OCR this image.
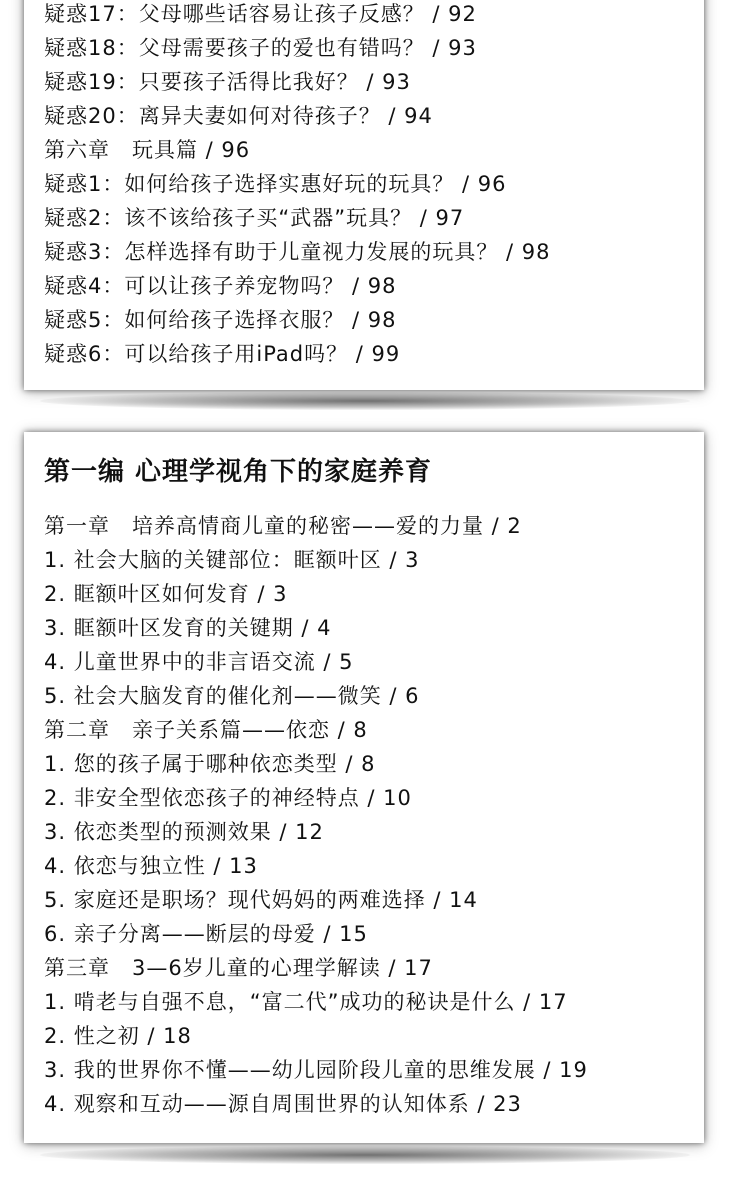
疑惑17：父母哪些话容易让孩子反感？ / 92
疑惑18：父母需要孩子的爱也有错吗？ / 93
疑惑19：只要孩子活得比我好？ / 93
疑惑20：离异夫妻如何对待孩子？ / 94
第六章　玩具篇 / 96
疑惑1：如何给孩子选择实惠好玩的玩具？ / 96
疑惑2：该不该给孩子买“武器”玩具？ / 97
疑惑3：怎样选择有助于儿童视力发展的玩具？ / 98
疑惑4：可以让孩子养宠物吗？ / 98
疑惑5：如何给孩子选择衣服？ / 98
疑惑6：可以给孩子用iPad吗？ / 99
第一编 心理学视角下的家庭养育
第一章　培养高情商儿童的秘密——爱的力量 / 2
1. 社会大脑的关键部位：眶额叶区 / 3
2. 眶额叶区如何发育 / 3
3. 眶额叶区发育的关键期 / 4
4. 儿童世界中的非言语交流 / 5
5. 社会大脑发育的催化剂——微笑 / 6
第二章　亲子关系篇——依恋 / 8
1. 您的孩子属于哪种依恋类型 / 8
2. 非安全型依恋孩子的神经特点 / 10
3. 依恋类型的预测效果 / 12
4. 依恋与独立性 / 13
5. 家庭还是职场？现代妈妈的两难选择 / 14
6. 亲子分离——断层的母爱 / 15
第三章　3—6岁儿童的心理学解读 / 17
1. 啃老与自强不息，“富二代”成功的秘诀是什么 / 17
2. 性之初 / 18
3. 我的世界你不懂——幼儿园阶段儿童的思维发展 / 19
4. 观察和互动——源自周围世界的认知体系 / 23
